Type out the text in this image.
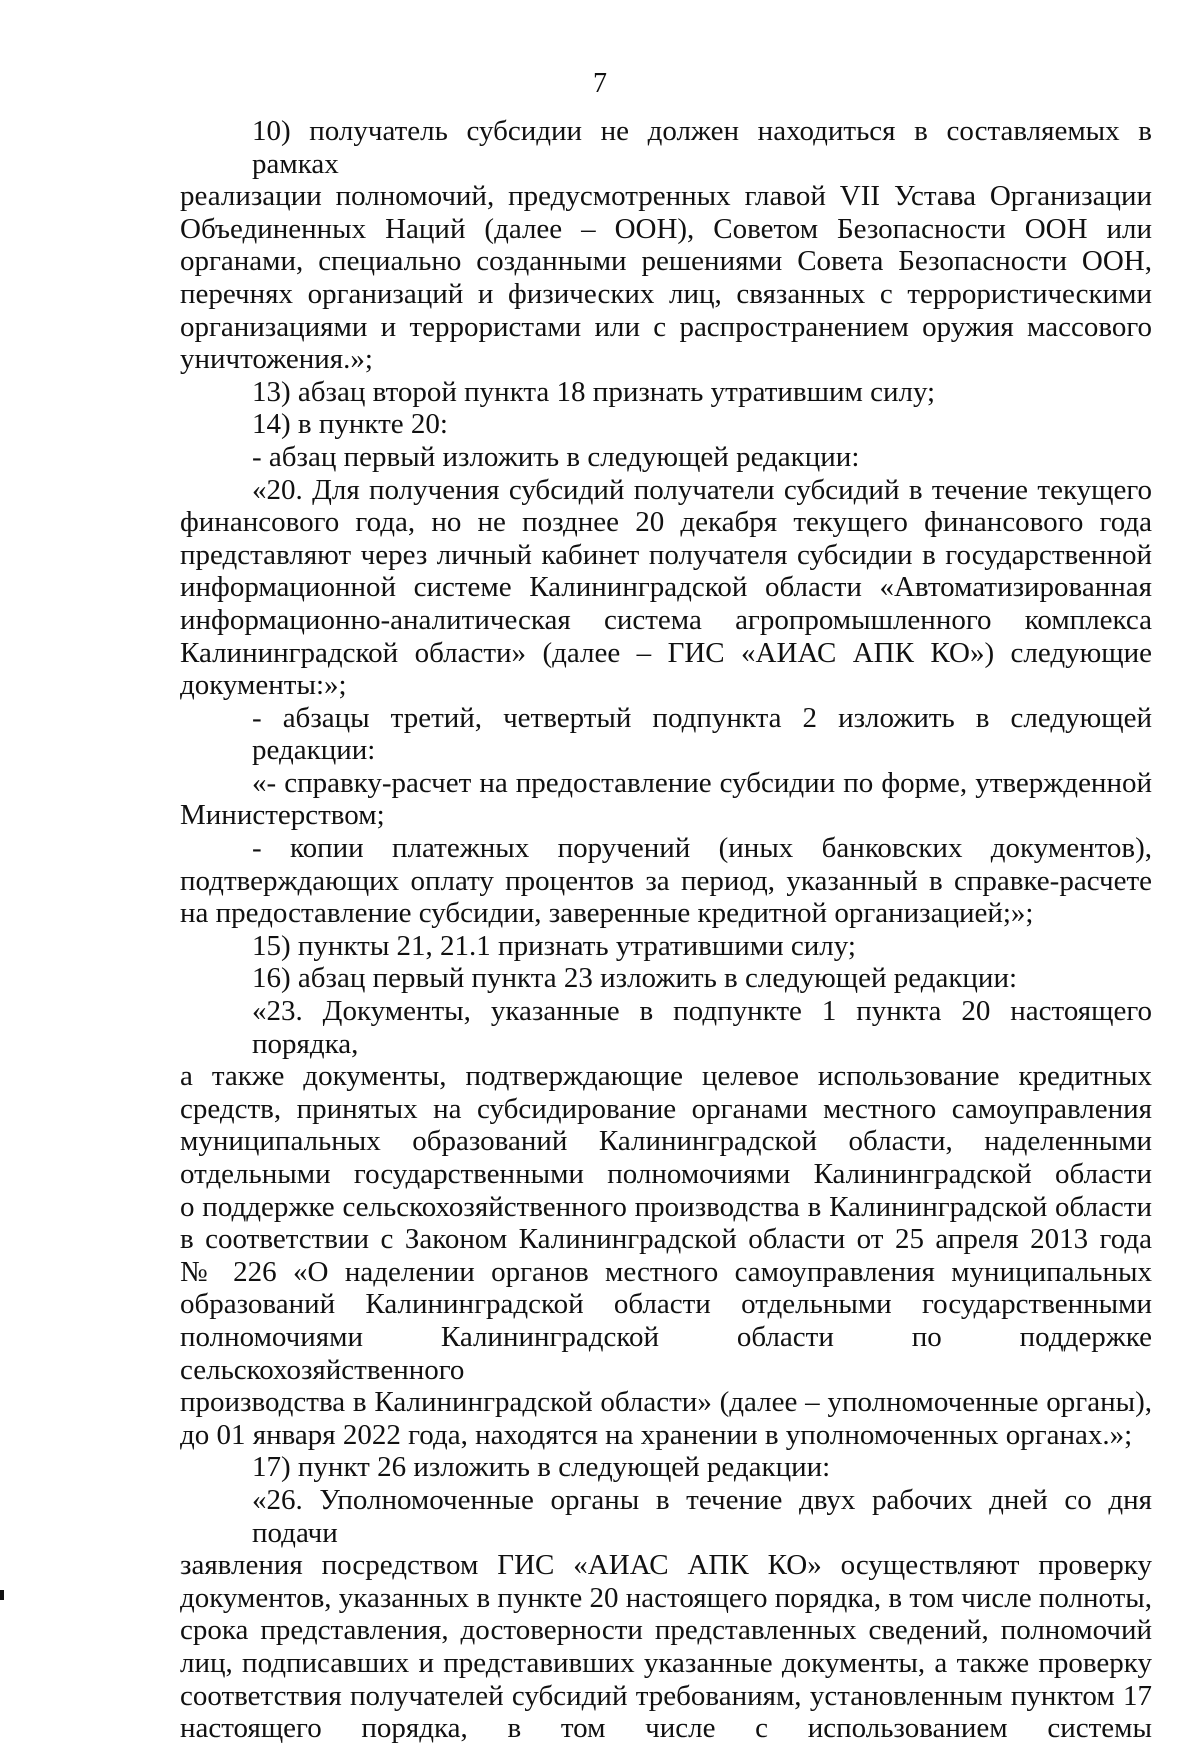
7
10) получатель субсидии не должен находиться в составляемых в рамках
реализации полномочий, предусмотренных главой VII Устава Организации
Объединенных Наций (далее – ООН), Советом Безопасности ООН или
органами, специально созданными решениями Совета Безопасности ООН,
перечнях организаций и физических лиц, связанных с террористическими
организациями и террористами или с распространением оружия массового
уничтожения.»;
13) абзац второй пункта 18 признать утратившим силу;
14) в пункте 20:
- абзац первый изложить в следующей редакции:
«20. Для получения субсидий получатели субсидий в течение текущего
финансового года, но не позднее 20 декабря текущего финансового года
представляют через личный кабинет получателя субсидии в государственной
информационной системе Калининградской области «Автоматизированная
информационно-аналитическая система агропромышленного комплекса
Калининградской области» (далее – ГИС «АИАС АПК КО») следующие
документы:»;
- абзацы третий, четвертый подпункта 2 изложить в следующей редакции:
«- справку-расчет на предоставление субсидии по форме, утвержденной
Министерством;
- копии платежных поручений (иных банковских документов),
подтверждающих оплату процентов за период, указанный в справке-расчете
на предоставление субсидии, заверенные кредитной организацией;»;
15) пункты 21, 21.1 признать утратившими силу;
16) абзац первый пункта 23 изложить в следующей редакции:
«23. Документы, указанные в подпункте 1 пункта 20 настоящего порядка,
а также документы, подтверждающие целевое использование кредитных
средств, принятых на субсидирование органами местного самоуправления
муниципальных образований Калининградской области, наделенными
отдельными государственными полномочиями Калининградской области
о поддержке сельскохозяйственного производства в Калининградской области
в соответствии с Законом Калининградской области от 25 апреля 2013 года
№ 226 «О наделении органов местного самоуправления муниципальных
образований Калининградской области отдельными государственными
полномочиями Калининградской области по поддержке сельскохозяйственного
производства в Калининградской области» (далее – уполномоченные органы),
до 01 января 2022 года, находятся на хранении в уполномоченных органах.»;
17) пункт 26 изложить в следующей редакции:
«26. Уполномоченные органы в течение двух рабочих дней со дня подачи
заявления посредством ГИС «АИАС АПК КО» осуществляют проверку
документов, указанных в пункте 20 настоящего порядка, в том числе полноты,
срока представления, достоверности представленных сведений, полномочий
лиц, подписавших и представивших указанные документы, а также проверку
соответствия получателей субсидий требованиям, установленным пунктом 17
настоящего порядка, в том числе с использованием системы
